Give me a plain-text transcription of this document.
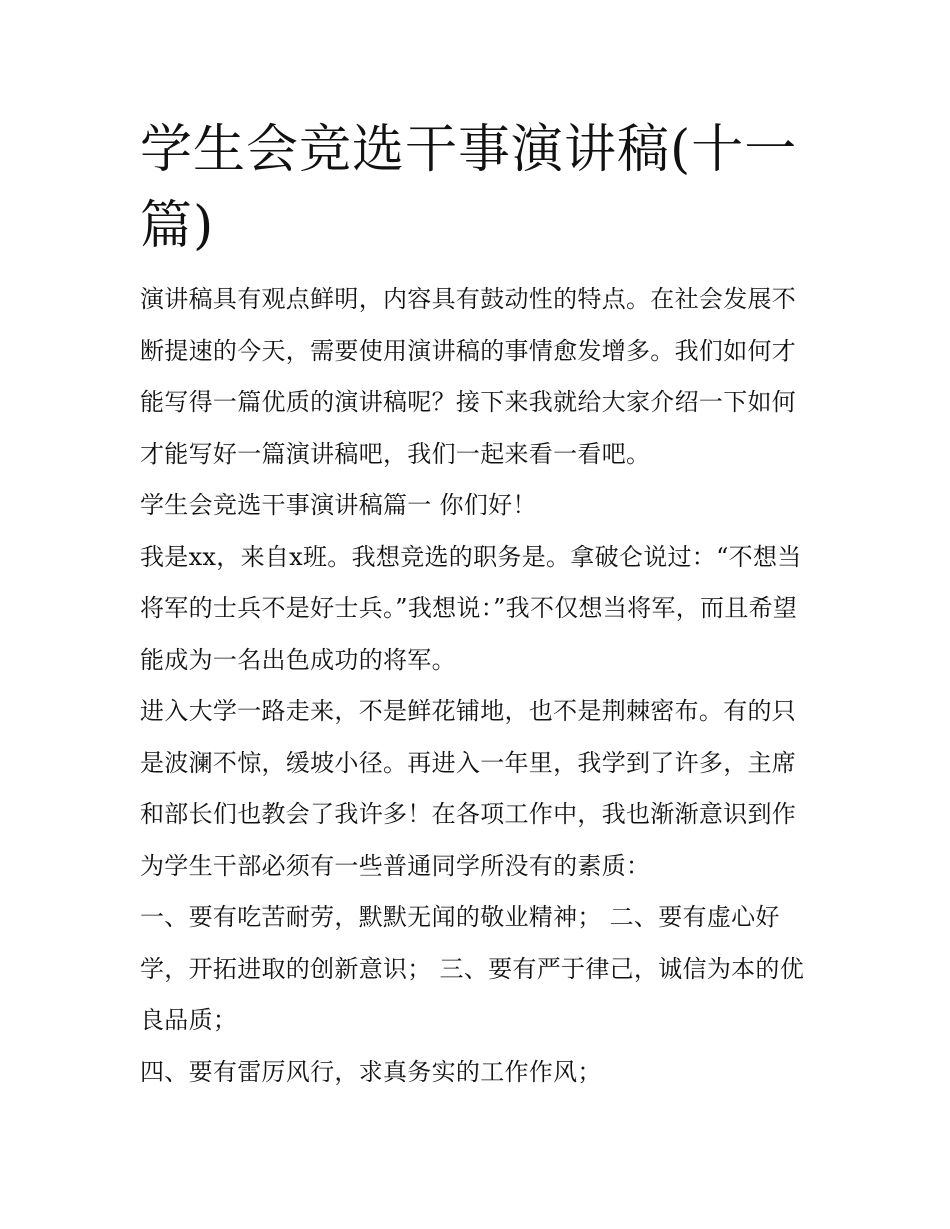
学生会竞选干事演讲稿(十一篇)

演讲稿具有观点鲜明，内容具有鼓动性的特点。在社会发展不断提速的今天，需要使用演讲稿的事情愈发增多。我们如何才能写得一篇优质的演讲稿呢？接下来我就给大家介绍一下如何才能写好一篇演讲稿吧，我们一起来看一看吧。

学生会竞选干事演讲稿篇一 你们好！

我是xx，来自x班。我想竞选的职务是。拿破仑说过：“不想当将军的士兵不是好士兵。”我想说：”我不仅想当将军，而且希望能成为一名出色成功的将军。

进入大学一路走来，不是鲜花铺地，也不是荆棘密布。有的只是波澜不惊，缓坡小径。再进入一年里，我学到了许多，主席和部长们也教会了我许多！在各项工作中，我也渐渐意识到作为学生干部必须有一些普通同学所没有的素质：

一、要有吃苦耐劳，默默无闻的敬业精神； 二、要有虚心好学，开拓进取的创新意识； 三、要有严于律己，诚信为本的优良品质；

四、要有雷厉风行，求真务实的工作作风；
